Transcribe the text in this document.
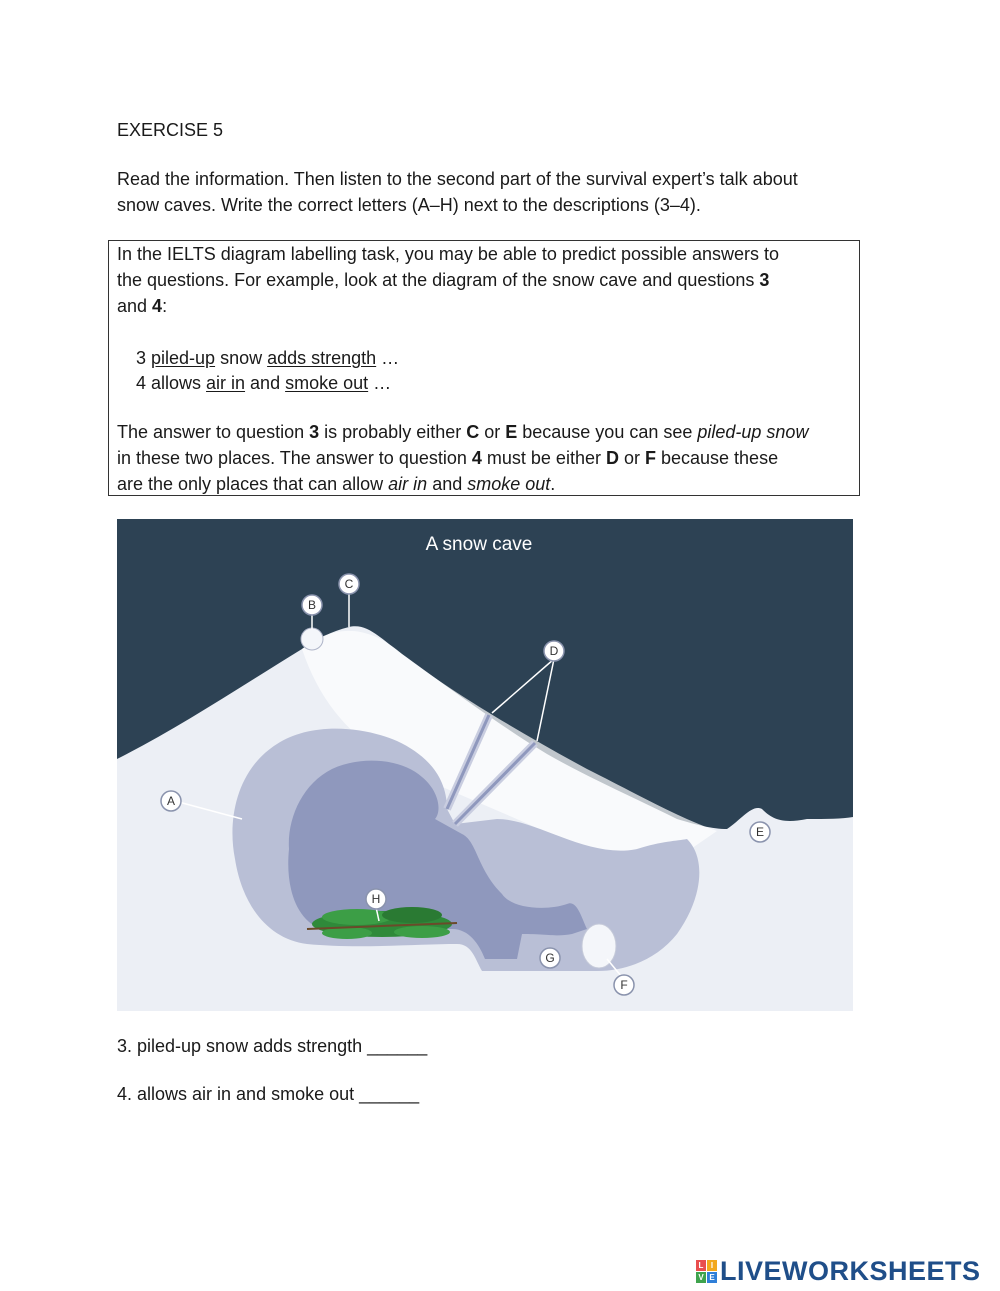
EXERCISE 5
Read the information. Then listen to the second part of the survival expert’s talk about
snow caves. Write the correct letters (A–H) next to the descriptions (3–4).
In the IELTS diagram labelling task, you may be able to predict possible answers to
the questions. For example, look at the diagram of the snow cave and questions 3
and 4:
3 piled-up snow adds strength …
4 allows air in and smoke out …
The answer to question 3 is probably either C or E because you can see piled-up snow
in these two places. The answer to question 4 must be either D or F because these
are the only places that can allow air in and smoke out.
A
B
C
D
E
F
G
H
A snow cave
3. piled-up snow adds strength ______
4. allows air in and smoke out ______
L I
V E LIVEWORKSHEETS
